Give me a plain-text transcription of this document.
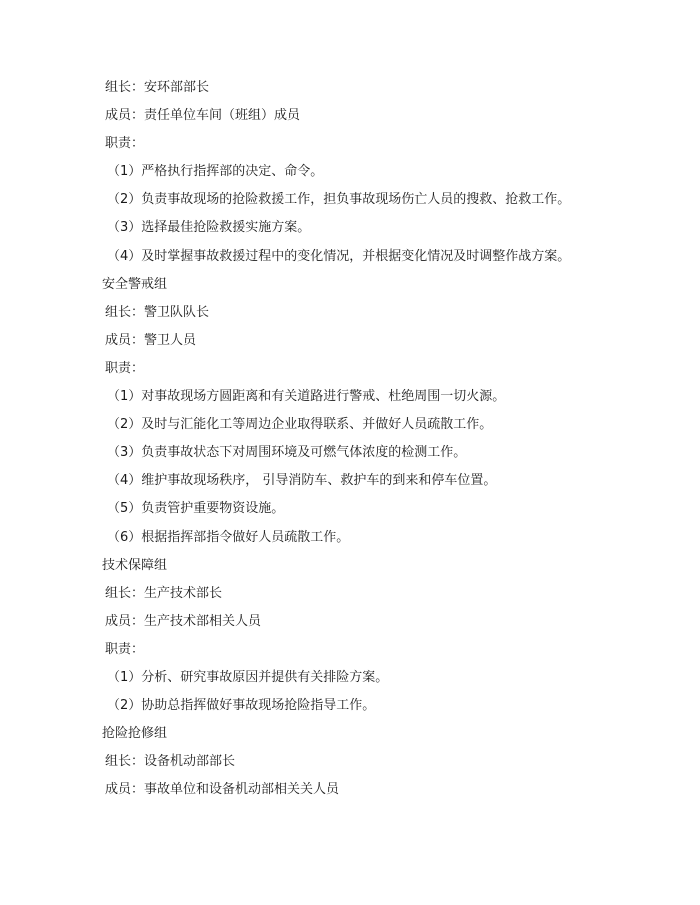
组长：安环部部长
成员：责任单位车间（班组）成员
职责：
（1）严格执行指挥部的决定、命令。
（2）负责事故现场的抢险救援工作，担负事故现场伤亡人员的搜救、抢救工作。
（3）选择最佳抢险救援实施方案。
（4）及时掌握事故救援过程中的变化情况，并根据变化情况及时调整作战方案。
安全警戒组
组长：警卫队队长
成员：警卫人员
职责：
（1）对事故现场方圆距离和有关道路进行警戒、杜绝周围一切火源。
（2）及时与汇能化工等周边企业取得联系、并做好人员疏散工作。
（3）负责事故状态下对周围环境及可燃气体浓度的检测工作。
（4）维护事故现场秩序， 引导消防车、救护车的到来和停车位置。
（5）负责管护重要物资设施。
（6）根据指挥部指令做好人员疏散工作。
技术保障组
组长：生产技术部长
成员：生产技术部相关人员
职责：
（1）分析、研究事故原因并提供有关排险方案。
（2）协助总指挥做好事故现场抢险指导工作。
抢险抢修组
组长：设备机动部部长
成员：事故单位和设备机动部相关关人员
